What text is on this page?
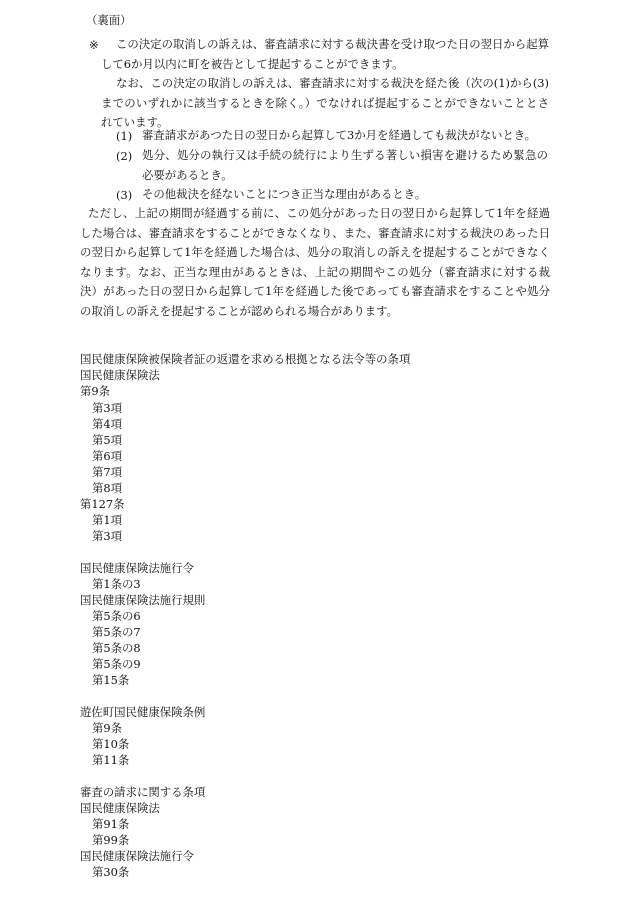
（裏面）
※	この決定の取消しの訴えは、審査請求に対する裁決書を受け取つた日の翌日から起算して6か月以内に町を被告として提起することができます。
なお、この決定の取消しの訴えは、審査請求に対する裁決を経た後（次の(1)から(3)までのいずれかに該当するときを除く。）でなければ提起することができないこととされています。
(1) 審査請求があつた日の翌日から起算して3か月を経過しても裁決がないとき。
(2) 処分、処分の執行又は手続の続行により生ずる著しい損害を避けるため緊急の必要があるとき。
(3) その他裁決を経ないことにつき正当な理由があるとき。
ただし、上記の期間が経過する前に、この処分があった日の翌日から起算して1年を経過した場合は、審査請求をすることができなくなり、また、審査請求に対する裁決のあった日の翌日から起算して1年を経過した場合は、処分の取消しの訴えを提起することができなくなります。なお、正当な理由があるときは、上記の期間やこの処分（審査請求に対する裁決）があった日の翌日から起算して1年を経過した後であっても審査請求をすることや処分の取消しの訴えを提起することが認められる場合があります。
国民健康保険被保険者証の返還を求める根拠となる法令等の条項
国民健康保険法
第9条
第3項
第4項
第5項
第6項
第7項
第8項
第127条
第1項
第3項
国民健康保険法施行令
第1条の3
国民健康保険法施行規則
第5条の6
第5条の7
第5条の8
第5条の9
第15条
遊佐町国民健康保険条例
第9条
第10条
第11条
審査の請求に関する条項
国民健康保険法
第91条
第99条
国民健康保険法施行令
第30条
